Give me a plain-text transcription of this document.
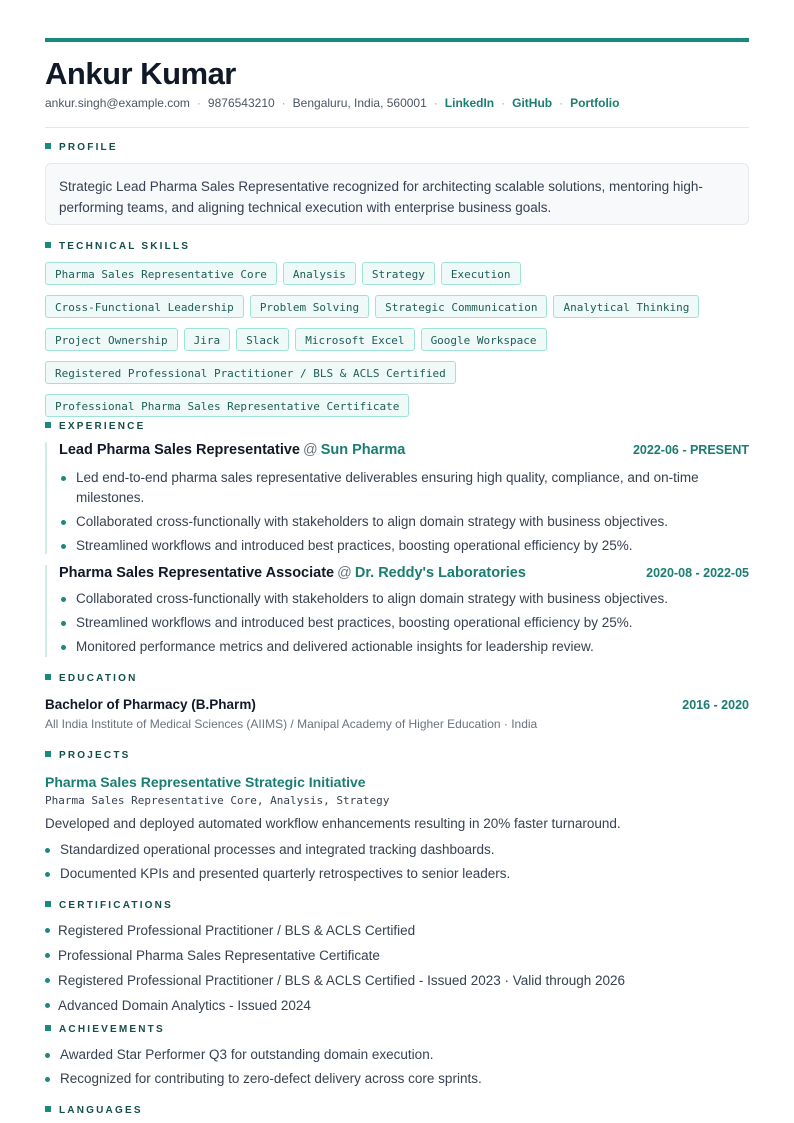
Ankur Kumar
ankur.singh@example.com · 9876543210 · Bengaluru, India, 560001 · LinkedIn · GitHub · Portfolio
PROFILE

Strategic Lead Pharma Sales Representative recognized for architecting scalable solutions, mentoring high-performing teams, and aligning technical execution with enterprise business goals.

TECHNICAL SKILLS
Pharma Sales Representative Core	Analysis	Strategy	Execution
Cross-Functional Leadership	Problem Solving	Strategic Communication	Analytical Thinking
Project Ownership	Jira	Slack	Microsoft Excel	Google Workspace
Registered Professional Practitioner / BLS & ACLS Certified
Professional Pharma Sales Representative Certificate
EXPERIENCE
Lead Pharma Sales Representative @ Sun Pharma	2022-06 - PRESENT
Led end-to-end pharma sales representative deliverables ensuring high quality, compliance, and on-time milestones.
Collaborated cross-functionally with stakeholders to align domain strategy with business objectives.
Streamlined workflows and introduced best practices, boosting operational efficiency by 25%.
Pharma Sales Representative Associate @ Dr. Reddy's Laboratories	2020-08 - 2022-05
Collaborated cross-functionally with stakeholders to align domain strategy with business objectives.
Streamlined workflows and introduced best practices, boosting operational efficiency by 25%.
Monitored performance metrics and delivered actionable insights for leadership review.
EDUCATION
Bachelor of Pharmacy (B.Pharm)	2016 - 2020
All India Institute of Medical Sciences (AIIMS) / Manipal Academy of Higher Education · India
PROJECTS
Pharma Sales Representative Strategic Initiative
Pharma Sales Representative Core, Analysis, Strategy
Developed and deployed automated workflow enhancements resulting in 20% faster turnaround.
Standardized operational processes and integrated tracking dashboards.
Documented KPIs and presented quarterly retrospectives to senior leaders.
CERTIFICATIONS
Registered Professional Practitioner / BLS & ACLS Certified
Professional Pharma Sales Representative Certificate
Registered Professional Practitioner / BLS & ACLS Certified - Issued 2023 · Valid through 2026
Advanced Domain Analytics - Issued 2024
ACHIEVEMENTS
Awarded Star Performer Q3 for outstanding domain execution.
Recognized for contributing to zero-defect delivery across core sprints.
LANGUAGES
